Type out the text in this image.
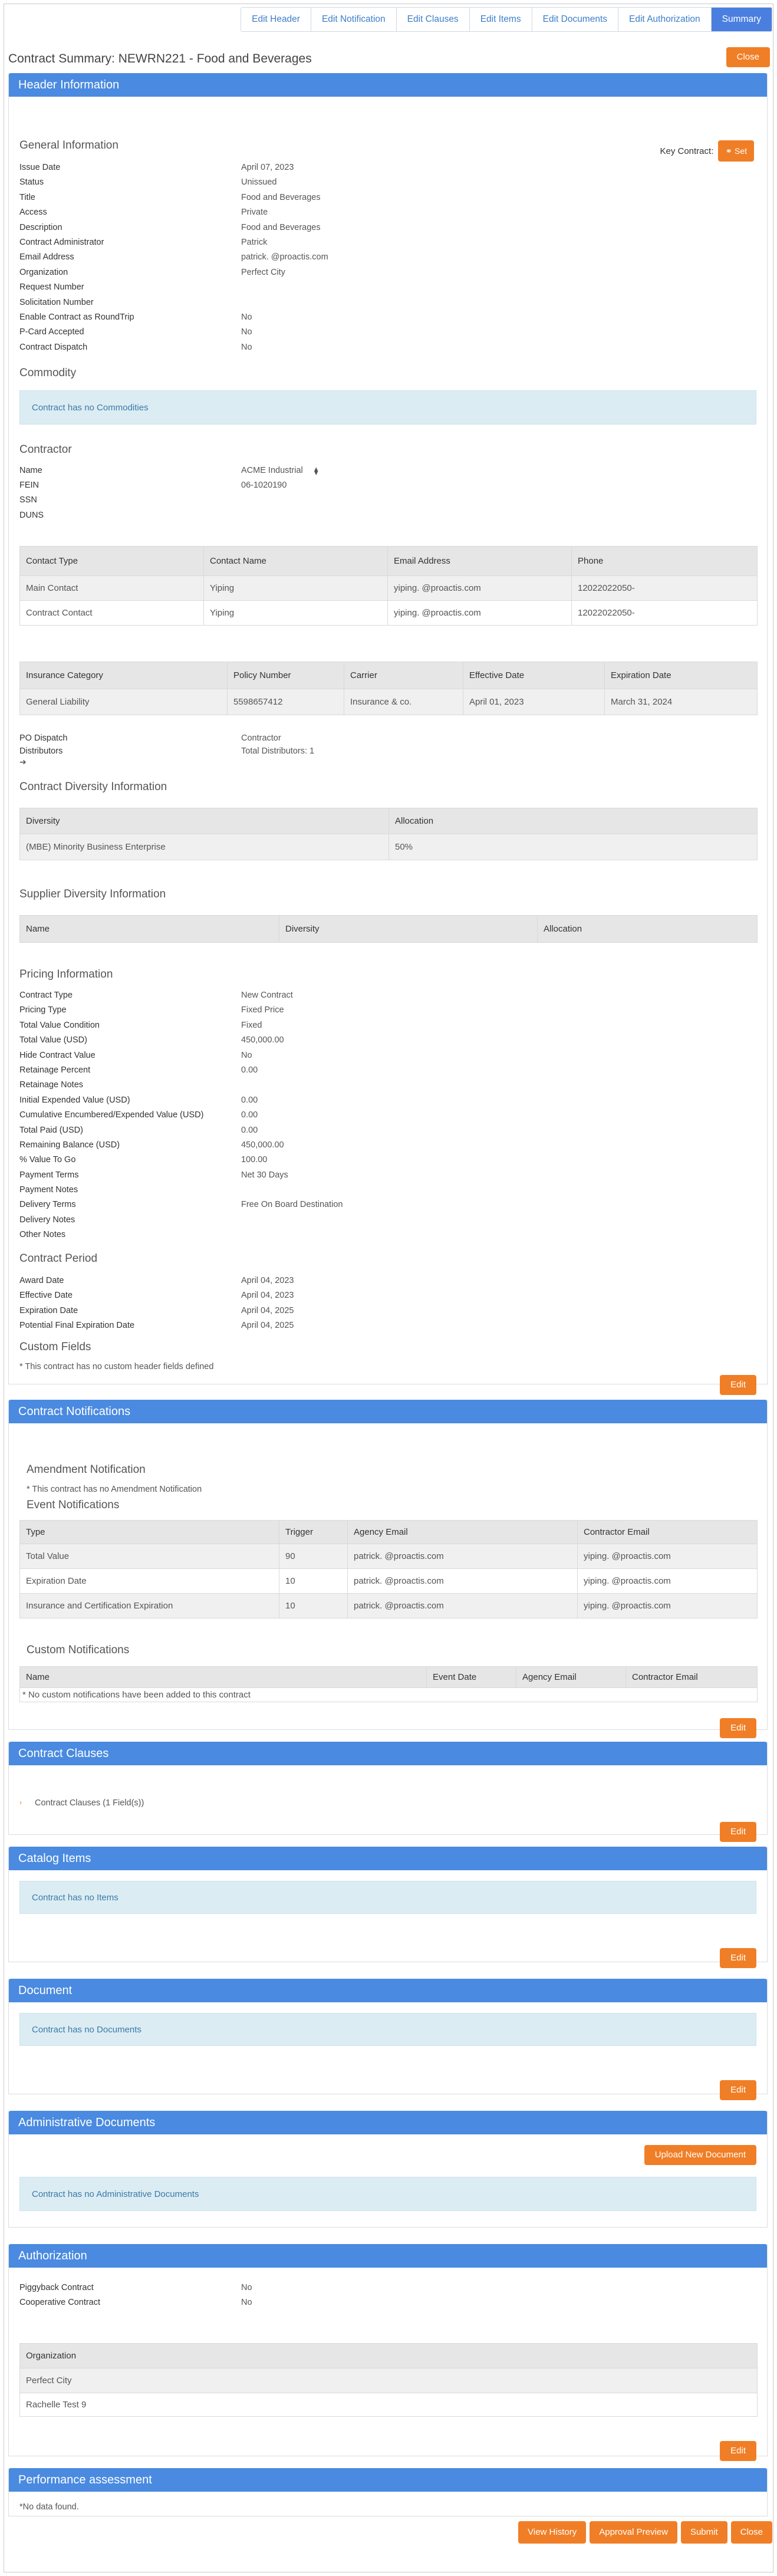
Edit Header	Edit Notification	Edit Clauses	Edit Items	Edit Documents	Edit Authorization	Summary
Contract Summary: NEWRN221 - Food and Beverages	Close
Header Information
General Information	Key Contract:	⚭ Set
Issue Date	April 07, 2023
Status	Unissued
Title	Food and Beverages
Access	Private
Description	Food and Beverages
Contract Administrator	Patrick
Email Address	patrick. @proactis.com
Organization	Perfect City
Request Number
Solicitation Number
Enable Contract as RoundTrip	No
P-Card Accepted	No
Contract Dispatch	No
Commodity
Contract has no Commodities
Contractor
Name	ACME Industrial
FEIN	06-1020190
SSN
DUNS
⧫
Contact Type	Contact Name	Email Address	Phone
Main Contact	Yiping	yiping. @proactis.com	12022022050-
Contract Contact	Yiping	yiping. @proactis.com	12022022050-
Insurance Category	Policy Number	Carrier	Effective Date	Expiration Date
General Liability	5598657412	Insurance & co.	April 01, 2023	March 31, 2024
PO Dispatch	Contractor
Distributors	Total Distributors: 1
➔
Contract Diversity Information
Diversity	Allocation
(MBE) Minority Business Enterprise	50%
Supplier Diversity Information
Name	Diversity	Allocation
Pricing Information
Contract Type	New Contract
Pricing Type	Fixed Price
Total Value Condition	Fixed
Total Value (USD)	450,000.00
Hide Contract Value	No
Retainage Percent	0.00
Retainage Notes
Initial Expended Value (USD)	0.00
Cumulative Encumbered/Expended Value (USD)	0.00
Total Paid (USD)	0.00
Remaining Balance (USD)	450,000.00
% Value To Go	100.00
Payment Terms	Net 30 Days
Payment Notes
Delivery Terms	Free On Board Destination
Delivery Notes
Other Notes
Contract Period
Award Date	April 04, 2023
Effective Date	April 04, 2023
Expiration Date	April 04, 2025
Potential Final Expiration Date	April 04, 2025
Custom Fields
* This contract has no custom header fields defined
Edit
Contract Notifications
Amendment Notification
* This contract has no Amendment Notification
Event Notifications
Type	Trigger	Agency Email	Contractor Email
Total Value	90	patrick. @proactis.com	yiping. @proactis.com
Expiration Date	10	patrick. @proactis.com	yiping. @proactis.com
Insurance and Certification Expiration	10	patrick. @proactis.com	yiping. @proactis.com
Custom Notifications
Name	Event Date	Agency Email	Contractor Email
* No custom notifications have been added to this contract
Edit
Contract Clauses
› Contract Clauses (1 Field(s))
Edit
Catalog Items
Contract has no Items
Edit
Document
Contract has no Documents
Edit
Administrative Documents
Upload New Document
Contract has no Administrative Documents
Authorization
Piggyback Contract	No
Cooperative Contract	No
Organization
Perfect City
Rachelle Test 9
Edit
Performance assessment
*No data found.
View History	Approval Preview	Submit	Close
